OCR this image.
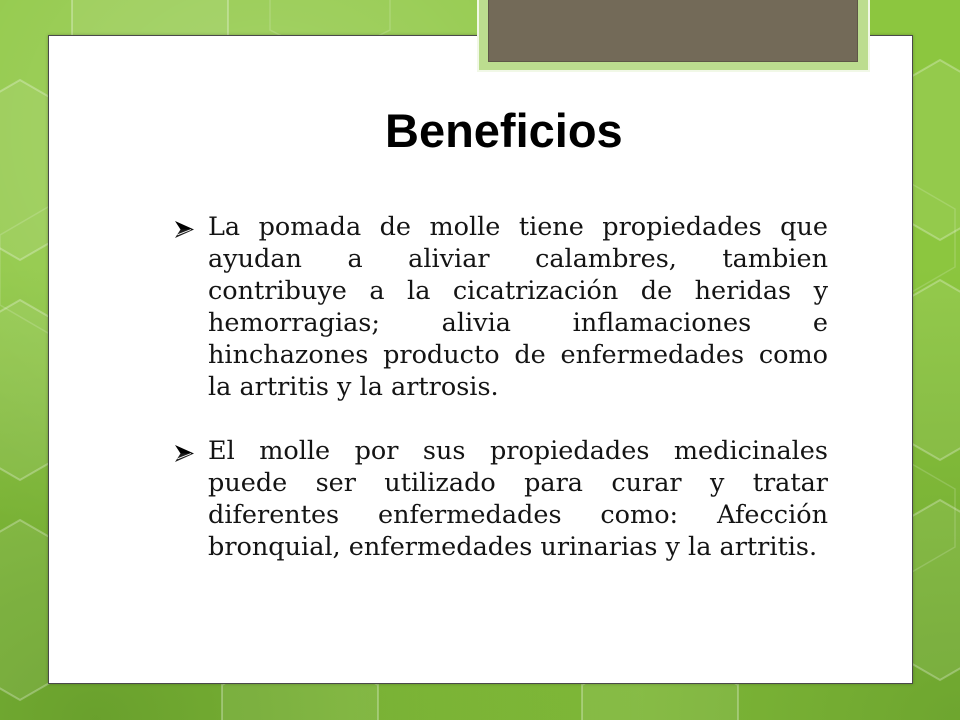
Beneficios
La pomada de molle tiene propiedades que
ayudan a aliviar calambres, tambien
contribuye a la cicatrización de heridas y
hemorragias; alivia inflamaciones e
hinchazones producto de enfermedades como
la artritis y la artrosis.
El molle por sus propiedades medicinales
puede ser utilizado para curar y tratar
diferentes enfermedades como: Afección
bronquial, enfermedades urinarias y la artritis.
